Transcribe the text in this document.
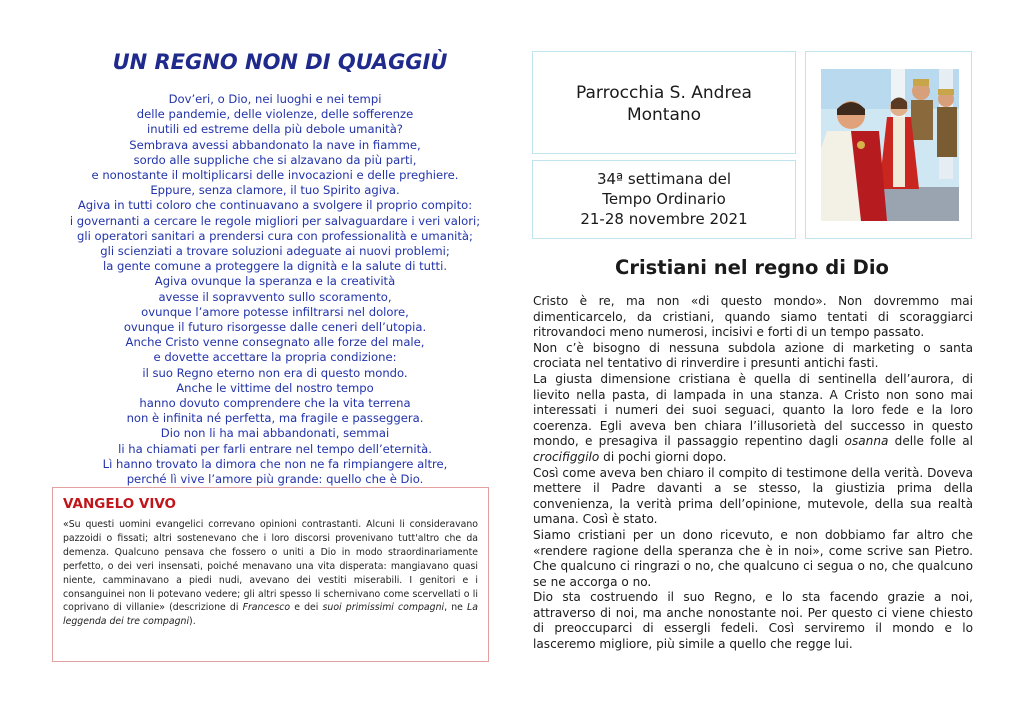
UN REGNO NON DI QUAGGIÙ
Dov’eri, o Dio, nei luoghi e nei tempi
delle pandemie, delle violenze, delle sofferenze
inutili ed estreme della più debole umanità?
Sembrava avessi abbandonato la nave in fiamme,
sordo alle suppliche che si alzavano da più parti,
e nonostante il moltiplicarsi delle invocazioni e delle preghiere.
Eppure, senza clamore, il tuo Spirito agiva.
Agiva in tutti coloro che continuavano a svolgere il proprio compito:
i governanti a cercare le regole migliori per salvaguardare i veri valori;
gli operatori sanitari a prendersi cura con professionalità e umanità;
gli scienziati a trovare soluzioni adeguate ai nuovi problemi;
la gente comune a proteggere la dignità e la salute di tutti.
Agiva ovunque la speranza e la creatività
avesse il sopravvento sullo scoramento,
ovunque l’amore potesse infiltrarsi nel dolore,
ovunque il futuro risorgesse dalle ceneri dell’utopia.
Anche Cristo venne consegnato alle forze del male,
e dovette accettare la propria condizione:
il suo Regno eterno non era di questo mondo.
Anche le vittime del nostro tempo
hanno dovuto comprendere che la vita terrena
non è infinita né perfetta, ma fragile e passeggera.
Dio non li ha mai abbandonati, semmai
li ha chiamati per farli entrare nel tempo dell’eternità.
Lì hanno trovato la dimora che non ne fa rimpiangere altre,
perché lì vive l’amore più grande: quello che è Dio.
VANGELO VIVO
«Su questi uomini evangelici correvano opinioni contrastanti. Alcuni li consideravano pazzoidi o fissati; altri sostenevano che i loro discorsi provenivano tutt'altro che da demenza. Qualcuno pensava che fossero o uniti a Dio in modo straordinariamente perfetto, o dei veri insensati, poiché menavano una vita disperata: mangiavano quasi niente, camminavano a piedi nudi, avevano dei vestiti miserabili. I genitori e i consanguinei non li potevano vedere; gli altri spesso li schernivano come scervellati o li coprivano di villanie» (descrizione di Francesco e dei suoi primissimi compagni, ne La leggenda dei tre compagni).
Parrocchia S. Andrea
Montano
34ª settimana del
Tempo Ordinario
21-28 novembre 2021
Cristiani nel regno di Dio

Cristo è re, ma non «di questo mondo». Non dovremmo mai dimenticarcelo, da cristiani, quando siamo tentati di scoraggiarci ritrovandoci meno numerosi, incisivi e forti di un tempo passato.

Non c’è bisogno di nessuna subdola azione di marketing o santa crociata nel tentativo di rinverdire i presunti antichi fasti.

La giusta dimensione cristiana è quella di sentinella dell’aurora, di lievito nella pasta, di lampada in una stanza. A Cristo non sono mai interessati i numeri dei suoi seguaci, quanto la loro fede e la loro coerenza. Egli aveva ben chiara l’illusorietà del successo in questo mondo, e presagiva il passaggio repentino dagli osanna delle folle al crocifiggilo di pochi giorni dopo.

Così come aveva ben chiaro il compito di testimone della verità. Doveva mettere il Padre davanti a se stesso, la giustizia prima della convenienza, la verità prima dell’opinione, mutevole, della sua realtà umana. Così è stato.

Siamo cristiani per un dono ricevuto, e non dobbiamo far altro che «rendere ragione della speranza che è in noi», come scrive san Pietro. Che qualcuno ci ringrazi o no, che qualcuno ci segua o no, che qualcuno se ne accorga o no.

Dio sta costruendo il suo Regno, e lo sta facendo grazie a noi, attraverso di noi, ma anche nonostante noi. Per questo ci viene chiesto di preoccuparci di essergli fedeli. Così serviremo il mondo e lo lasceremo migliore, più simile a quello che regge lui.
